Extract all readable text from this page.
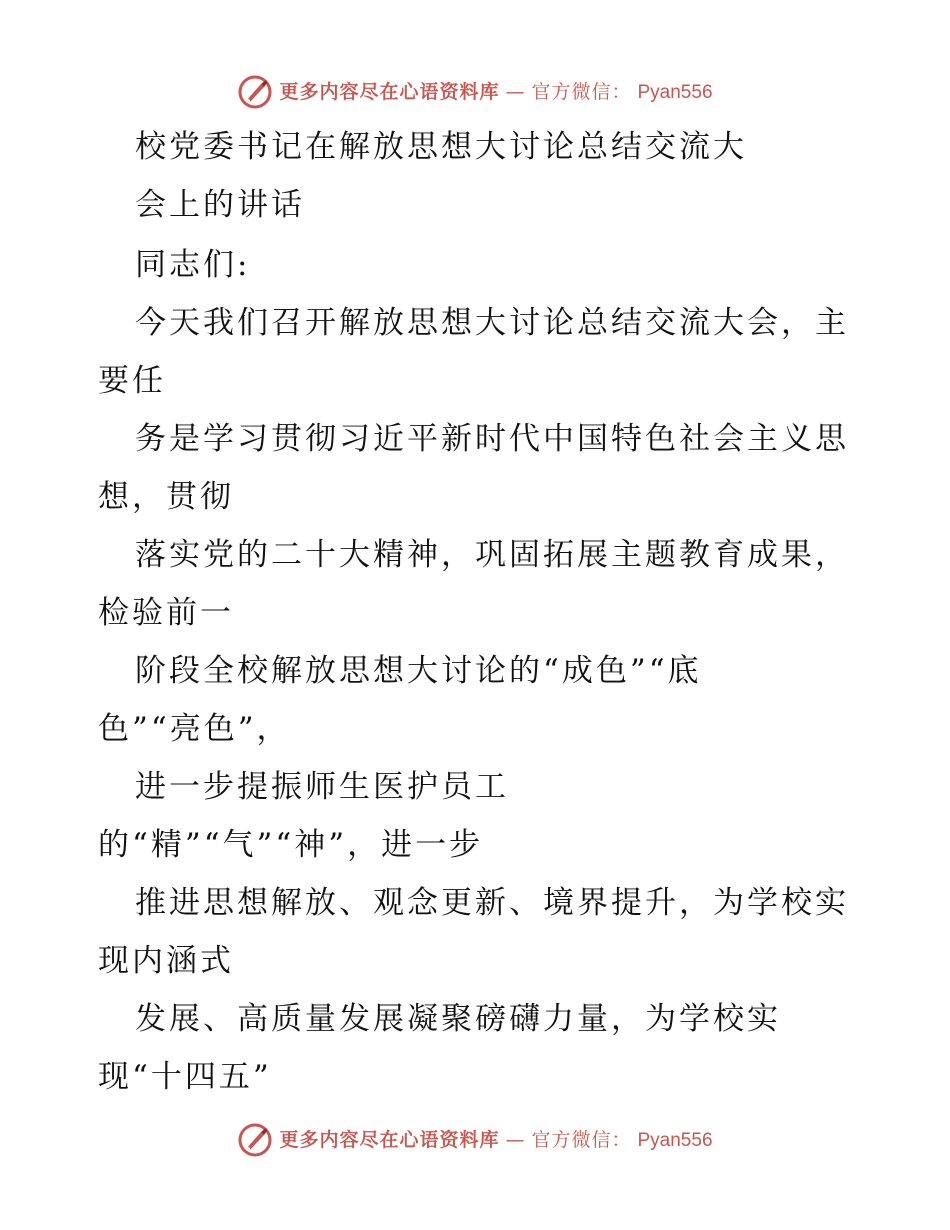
更多内容尽在心语资料库 — 官方微信： Pyan556
校党委书记在解放思想大讨论总结交流大
会上的讲话
同志们:
今天我们召开解放思想大讨论总结交流大会，主
要任
务是学习贯彻习近平新时代中国特色社会主义思
想，贯彻
落实党的二十大精神，巩固拓展主题教育成果，
检验前一
阶段全校解放思想大讨论的“成色”“底
色”“亮色”，
进一步提振师生医护员工
的“精”“气”“神”，进一步
推进思想解放、观念更新、境界提升，为学校实
现内涵式
发展、高质量发展凝聚磅礴力量，为学校实
现“十四五”
更多内容尽在心语资料库 — 官方微信： Pyan556
